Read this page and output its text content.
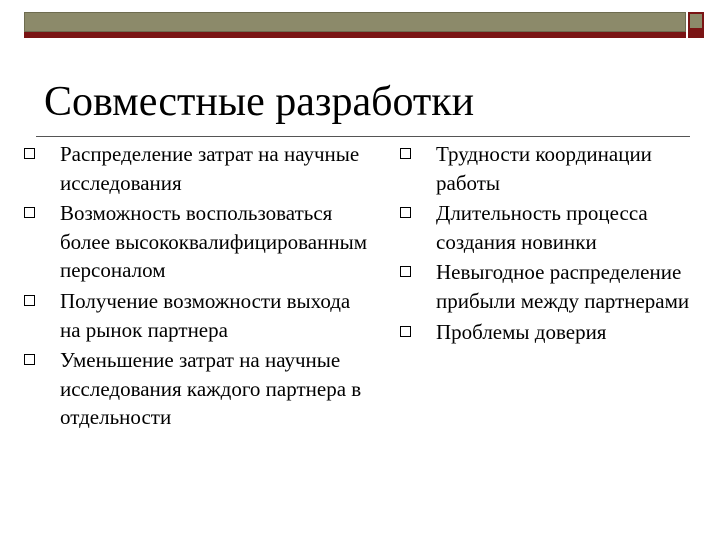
Совместные разработки
Распределение затрат на научные исследования
Возможность воспользоваться более высококвалифицированным персоналом
Получение возможности выхода на рынок партнера
Уменьшение затрат на научные исследования каждого партнера в отдельности
Трудности координации работы
Длительность процесса создания новинки
Невыгодное распределение прибыли между партнерами
Проблемы доверия
